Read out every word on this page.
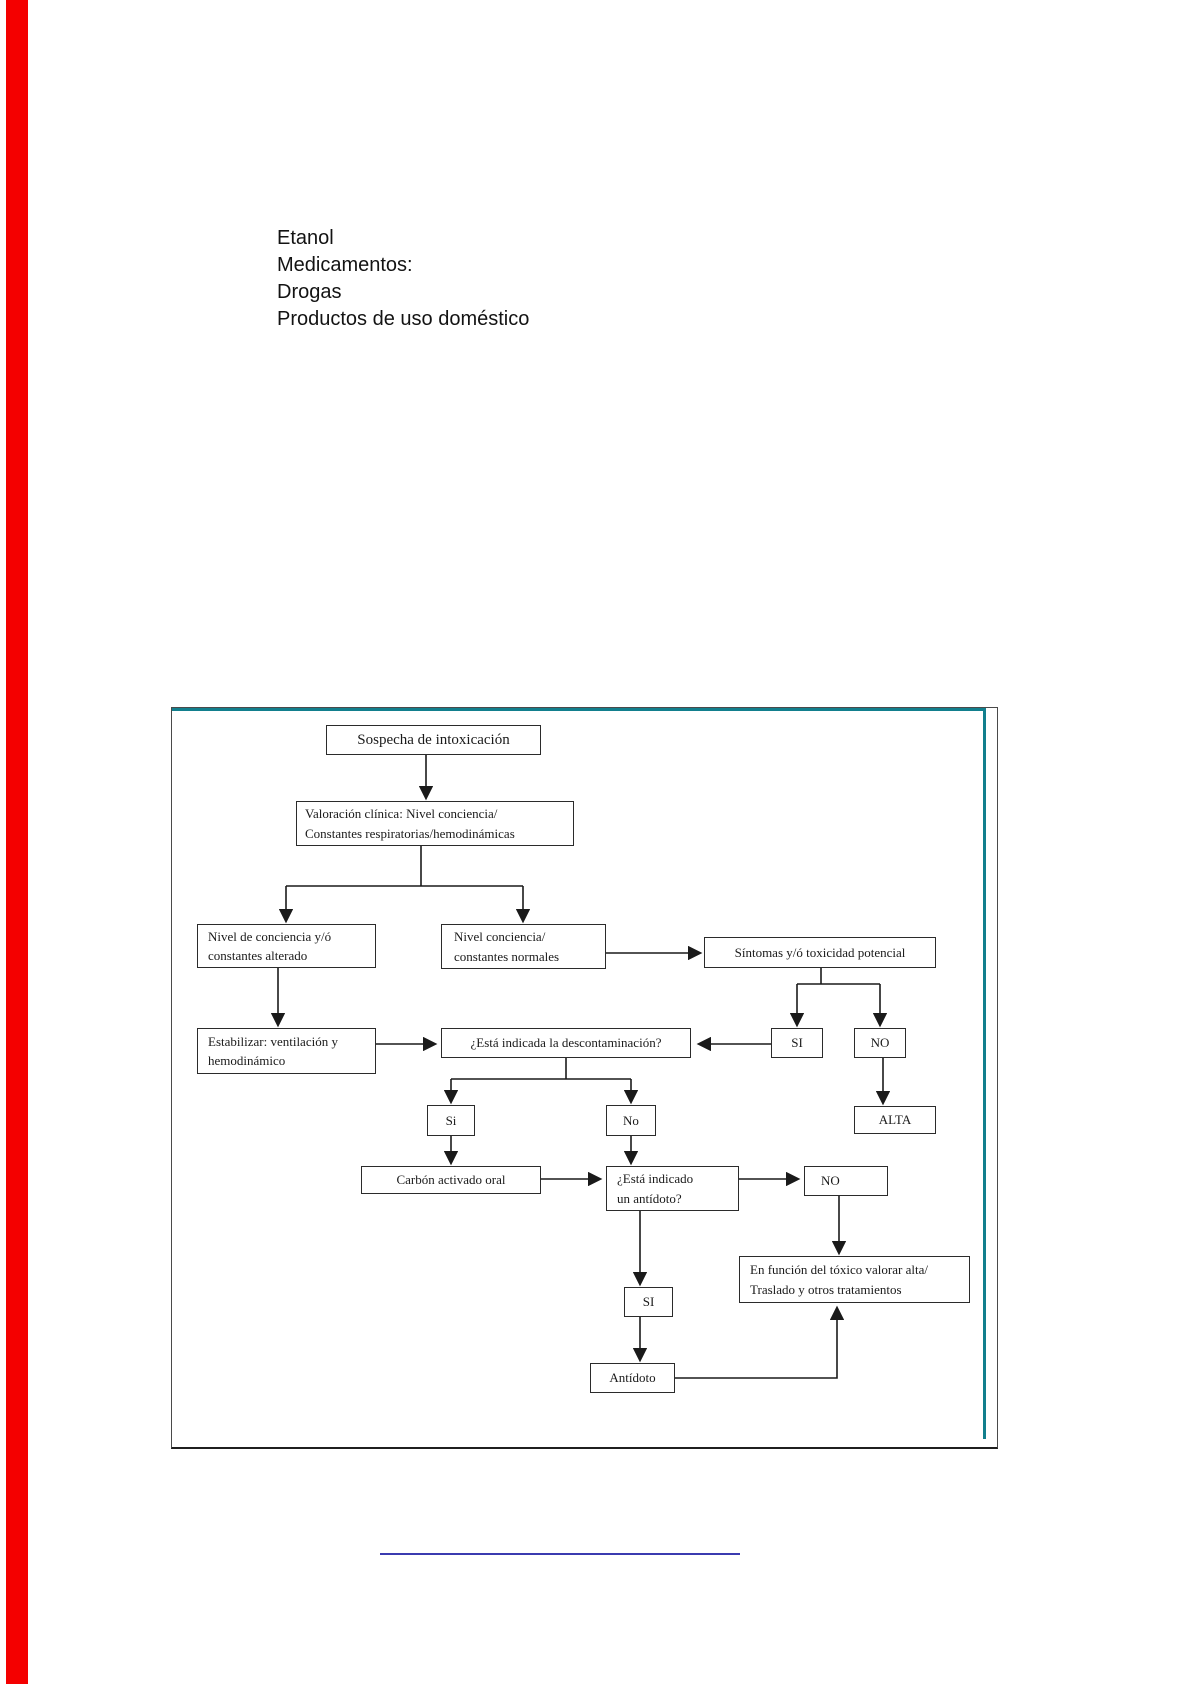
Etanol
Medicamentos:
Drogas
Productos de uso doméstico
Sospecha de intoxicación
Valoración clínica: Nivel conciencia/
Constantes respiratorias/hemodinámicas
Nivel de conciencia y/ó
constantes alterado
Nivel conciencia/
constantes normales	Síntomas y/ó toxicidad potencial
Estabilizar: ventilación y
hemodinámico
¿Está indicada la descontaminación?	SI	NO
Si	No	ALTA
Carbón activado oral	¿Está indicado
un antídoto?
NO
En función del tóxico valorar alta/
Traslado y otros tratamientos
SI
Antídoto
